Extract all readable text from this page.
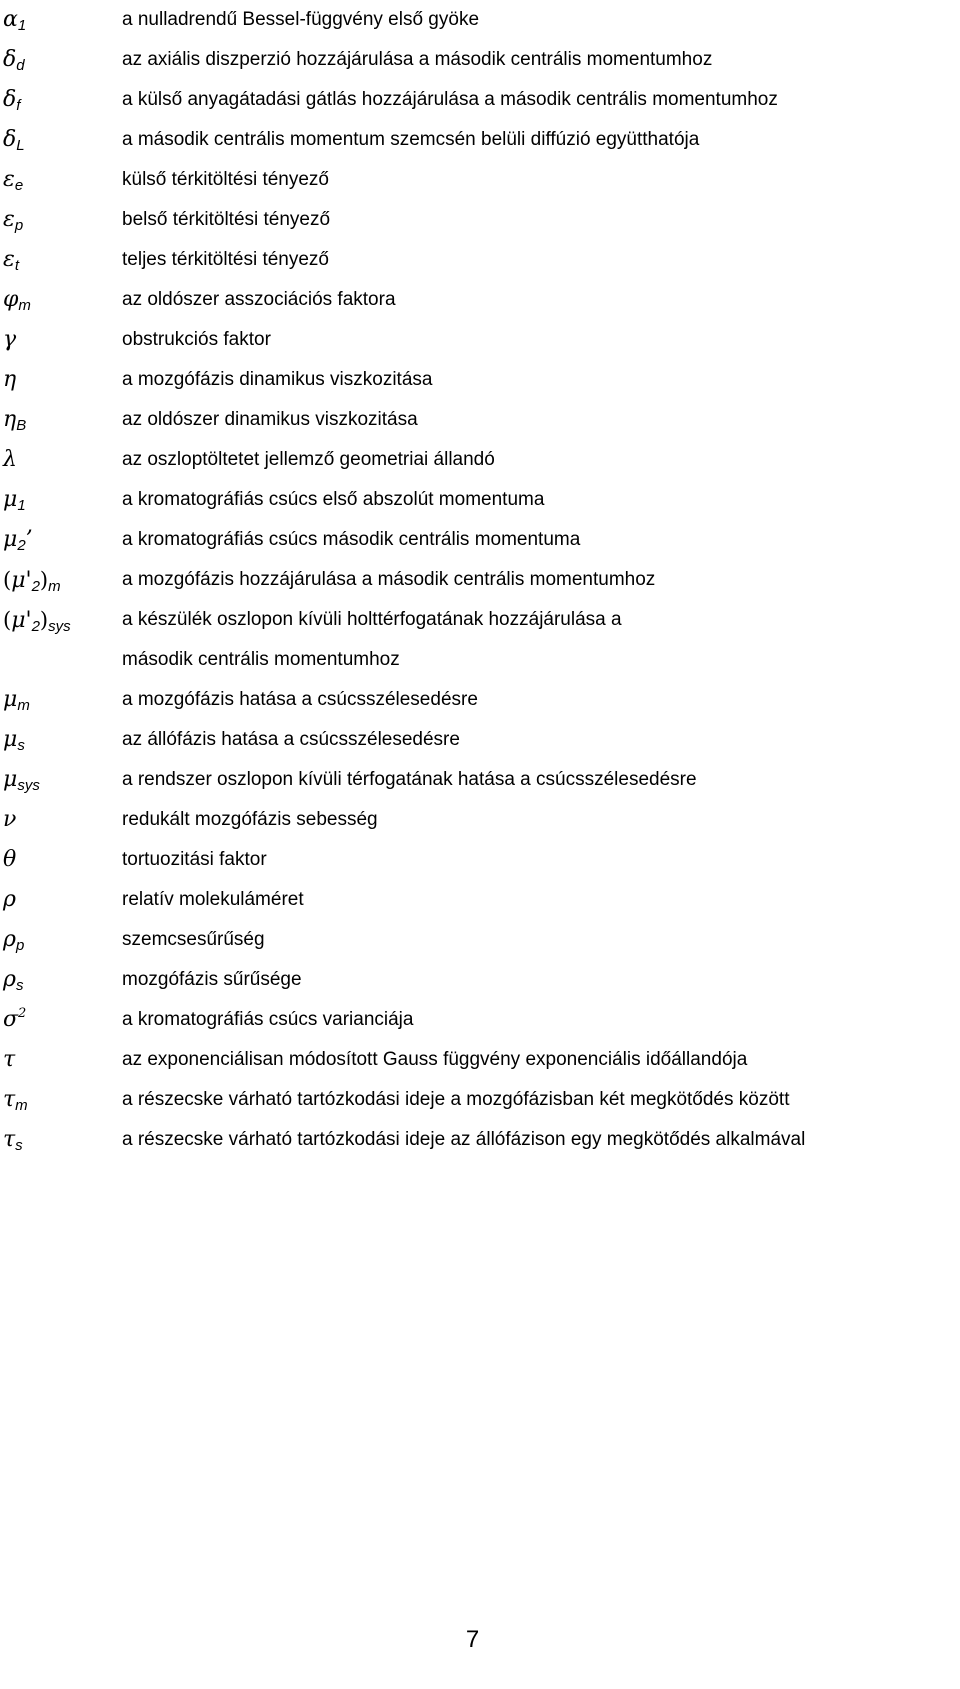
$\alpha_1$	a nulladrendű Bessel-függvény első gyöke
$\delta_d$	az axiális diszperzió hozzájárulása a második centrális momentumhoz
$\delta_f$	a külső anyagátadási gátlás hozzájárulása a második centrális momentumhoz
$\delta_L$	a második centrális momentum szemcsén belüli diffúzió együtthatója
$\varepsilon_e$	külső térkitöltési tényező
$\varepsilon_p$	belső térkitöltési tényező
$\varepsilon_t$	teljes térkitöltési tényező
$\varphi_m$	az oldószer asszociációs faktora
γ	obstrukciós faktor
η	a mozgófázis dinamikus viszkozitása
$\eta_B$	az oldószer dinamikus viszkozitása
λ	az oszloptöltetet jellemző geometriai állandó
$\mu_1$	a kromatográfiás csúcs első abszolút momentuma
$\mu_2$’	a kromatográfiás csúcs második centrális momentuma
$(\mu'_2)_m$	a mozgófázis hozzájárulása a második centrális momentumhoz
$(\mu'_2)_{sys}$	a készülék oszlopon kívüli holttérfogatának hozzájárulása a
második centrális momentumhoz
$\mu_m$	a mozgófázis hatása a csúcsszélesedésre
$\mu_s$	az állófázis hatása a csúcsszélesedésre
$\mu_{sys}$	a rendszer oszlopon kívüli térfogatának hatása a csúcsszélesedésre
ν	redukált mozgófázis sebesség
θ	tortuozitási faktor
ρ	relatív molekuláméret
$\rho_p$	szemcsesűrűség
$\rho_s$	mozgófázis sűrűsége
$\sigma^2$	a kromatográfiás csúcs varianciája
τ	az exponenciálisan módosított Gauss függvény exponenciális időállandója
$\tau_m$	a részecske várható tartózkodási ideje a mozgófázisban két megkötődés között
$\tau_s$	a részecske várható tartózkodási ideje az állófázison egy megkötődés alkalmával
7
